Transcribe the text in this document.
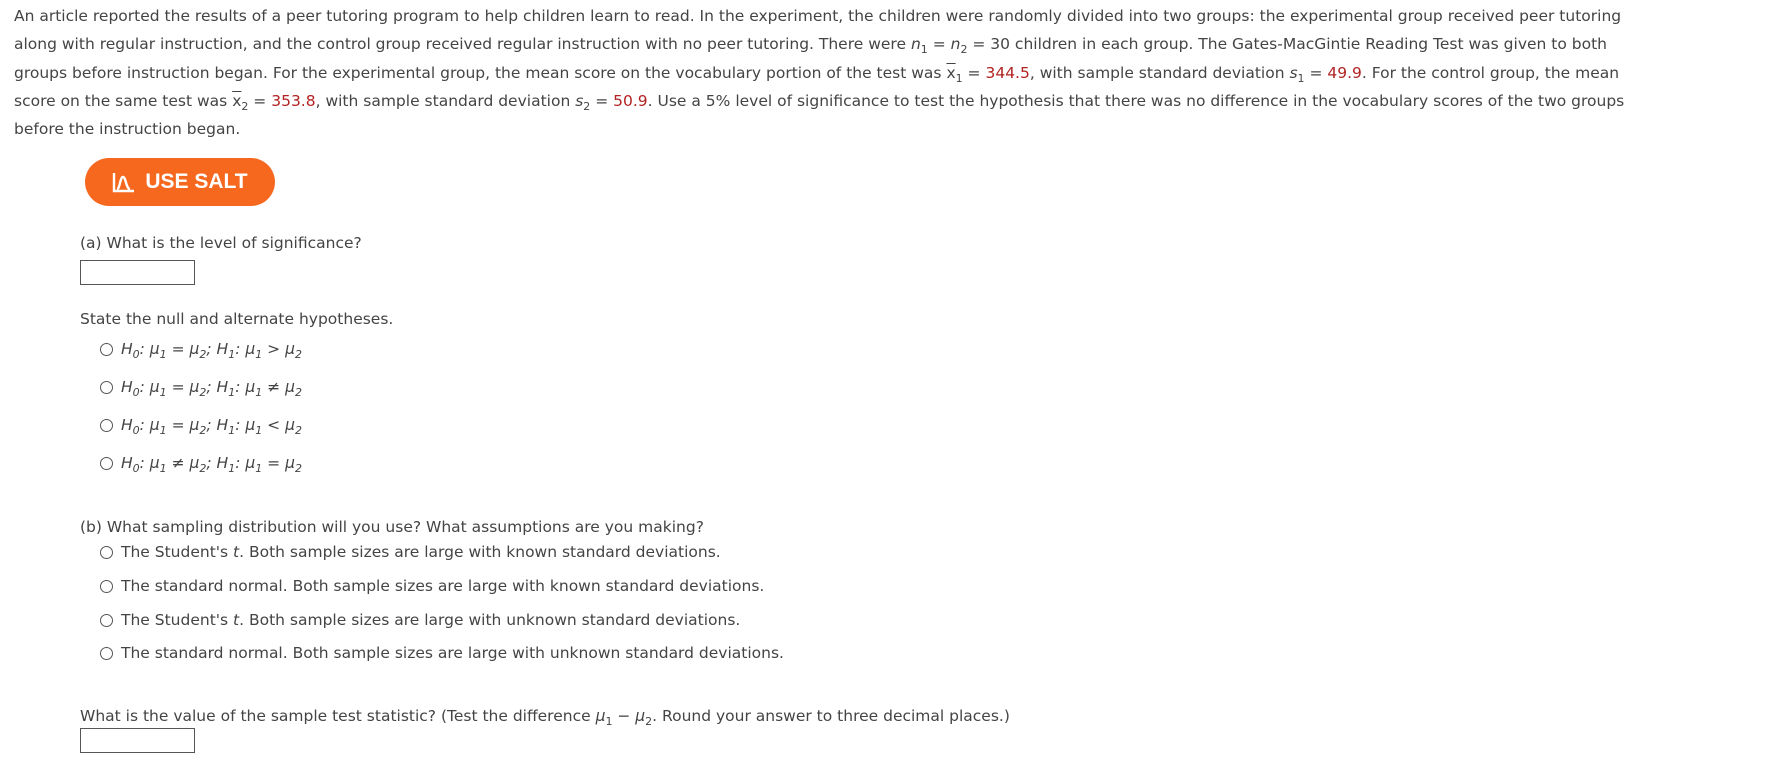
An article reported the results of a peer tutoring program to help children learn to read. In the experiment, the children were randomly divided into two groups: the experimental group received peer tutoring
along with regular instruction, and the control group received regular instruction with no peer tutoring. There were $n_1 = n_2 = 30$ children in each group. The Gates-MacGintie Reading Test was given to both
groups before instruction began. For the experimental group, the mean score on the vocabulary portion of the test was $\overline{x}_1 = 344.5$, with sample standard deviation $s_1 = 49.9$. For the control group, the mean
score on the same test was $\overline{x}_2 = 353.8$, with sample standard deviation $s_2 = 50.9$. Use a 5% level of significance to test the hypothesis that there was no difference in the vocabulary scores of the two groups
before the instruction began.
USE SALT
(a) What is the level of significance?
State the null and alternate hypotheses.
$H_0$: $\mu_1 = \mu_2$; $H_1$: $\mu_1 > \mu_2$
$H_0$: $\mu_1 = \mu_2$; $H_1$: $\mu_1 \ne \mu_2$
$H_0$: $\mu_1 = \mu_2$; $H_1$: $\mu_1 < \mu_2$
$H_0$: $\mu_1 \ne \mu_2$; $H_1$: $\mu_1 = \mu_2$
(b) What sampling distribution will you use? What assumptions are you making?
The Student's t. Both sample sizes are large with known standard deviations.
The standard normal. Both sample sizes are large with known standard deviations.
The Student's t. Both sample sizes are large with unknown standard deviations.
The standard normal. Both sample sizes are large with unknown standard deviations.
What is the value of the sample test statistic? (Test the difference $\mu_1 - \mu_2$. Round your answer to three decimal places.)
